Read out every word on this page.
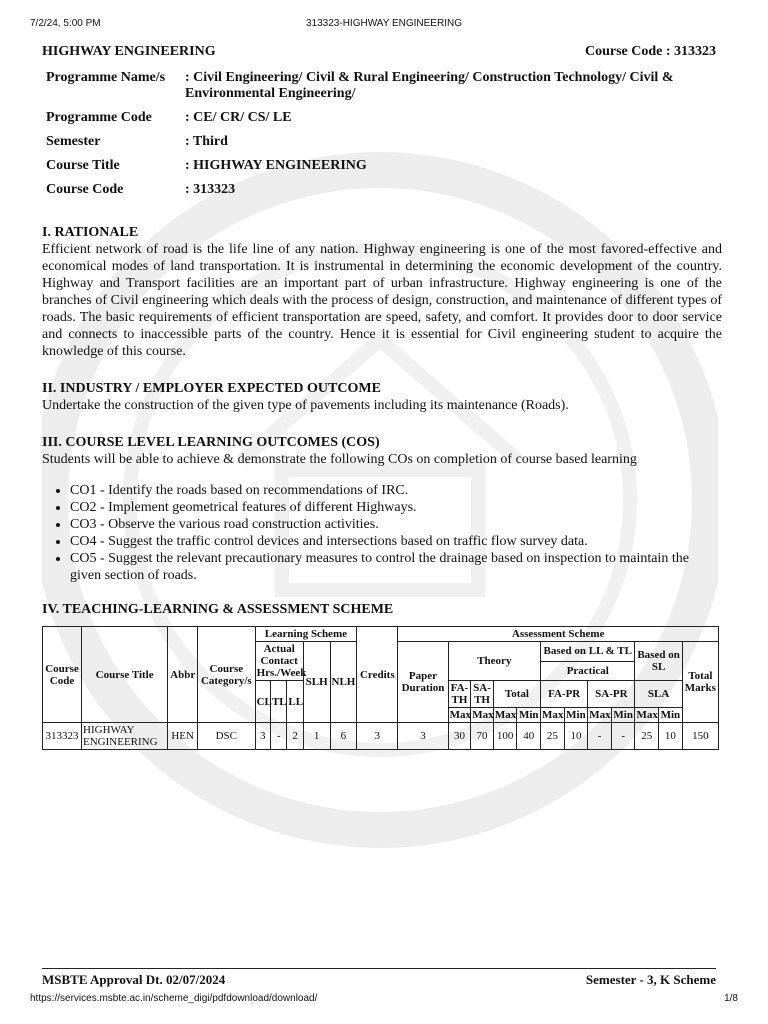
7/2/24, 5:00 PM	313323-HIGHWAY ENGINEERING
HIGHWAY ENGINEERING	Course Code : 313323
Programme Name/s	: Civil Engineering/ Civil & Rural Engineering/ Construction Technology/ Civil & Environmental Engineering/
Programme Code	: CE/ CR/ CS/ LE
Semester	: Third
Course Title	: HIGHWAY ENGINEERING
Course Code	: 313323
I. RATIONALE

Efficient network of road is the life line of any nation. Highway engineering is one of the most favored-effective and economical modes of land transportation. It is instrumental in determining the economic development of the country. Highway and Transport facilities are an important part of urban infrastructure. Highway engineering is one of the branches of Civil engineering which deals with the process of design, construction, and maintenance of different types of roads. The basic requirements of efficient transportation are speed, safety, and comfort. It provides door to door service and connects to inaccessible parts of the country. Hence it is essential for Civil engineering student to acquire the knowledge of this course.

II. INDUSTRY / EMPLOYER EXPECTED OUTCOME

Undertake the construction of the given type of pavements including its maintenance (Roads).

III. COURSE LEVEL LEARNING OUTCOMES (COS)

Students will be able to achieve & demonstrate the following COs on completion of course based learning

• CO1 - Identify the roads based on recommendations of IRC.
• CO2 - Implement geometrical features of different Highways.
• CO3 - Observe the various road construction activities.
• CO4 - Suggest the traffic control devices and intersections based on traffic flow survey data.
• CO5 - Suggest the relevant precautionary measures to control the drainage based on inspection to maintain the given section of roads.
IV. TEACHING-LEARNING & ASSESSMENT SCHEME
Course Code	Course Title	Abbr	Course Category/s	Learning Scheme					Credits	Assessment Scheme											
				Actual Contact Hrs./Week			SLH	NLH		Paper Duration	Theory				Based on LL & TL				Based on SL		Total Marks
															Practical						
				CL	TL	LL					FA-TH	SA-TH	Total		FA-PR		SA-PR		SLA		
											Max	Max	Max	Min	Max	Min	Max	Min	Max	Min	
313323	HIGHWAY ENGINEERING	HEN	DSC	3	-	2	1	6	3	3	30	70	100	40	25	10	-	-	25	10	150
MSBTE Approval Dt. 02/07/2024	Semester - 3, K Scheme
https://services.msbte.ac.in/scheme_digi/pdfdownload/download/	1/8
